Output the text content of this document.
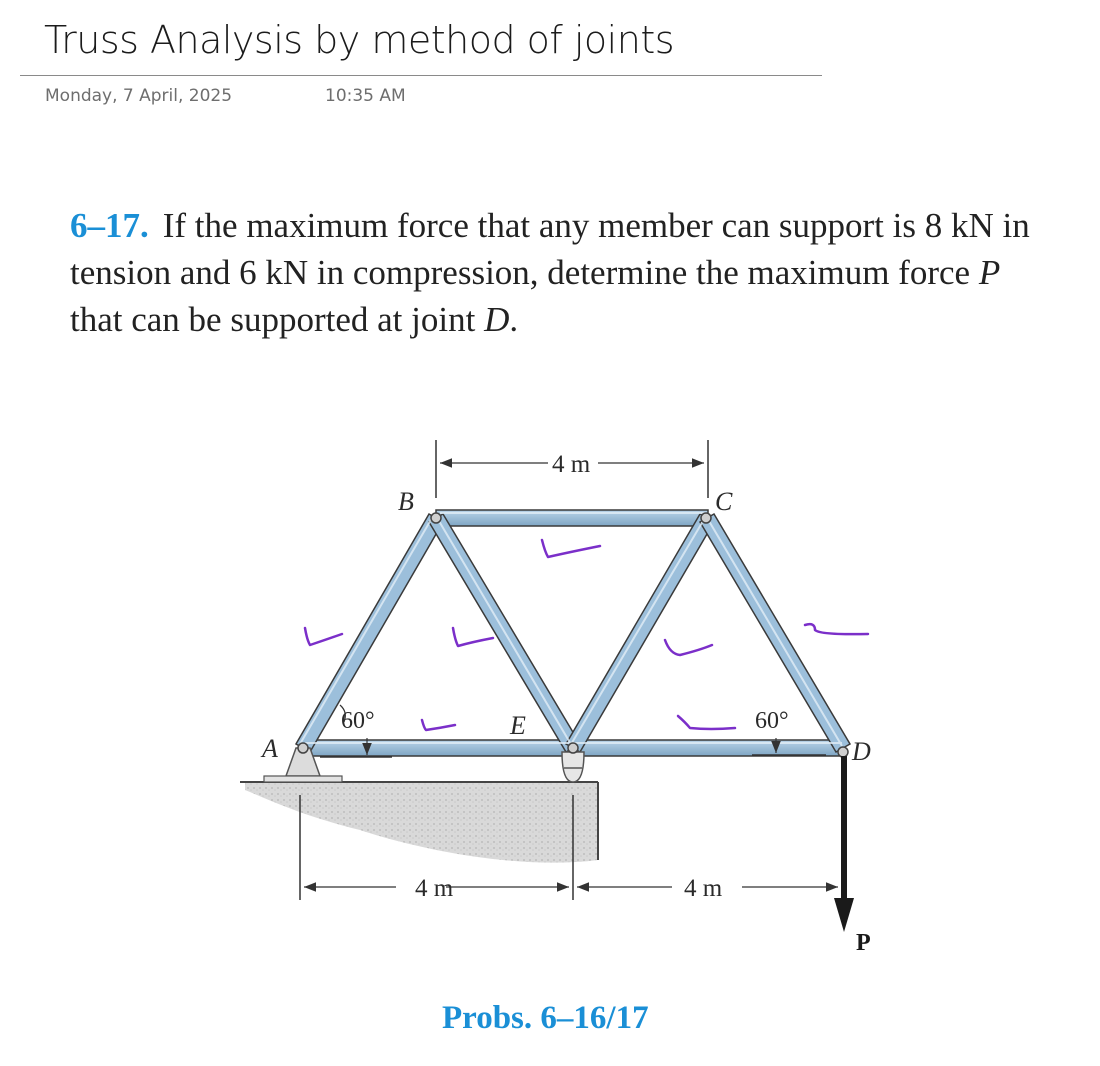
Truss Analysis by method of joints
Monday, 7 April, 2025	10:35 AM
6–17. If the maximum force that any member can support is 8 kN in tension and 6 kN in compression, determine the maximum force P that can be supported at joint D.
A
B	C
D
E
60°	60°
4 m
4 m	4 m
P
Probs. 6–16/17
